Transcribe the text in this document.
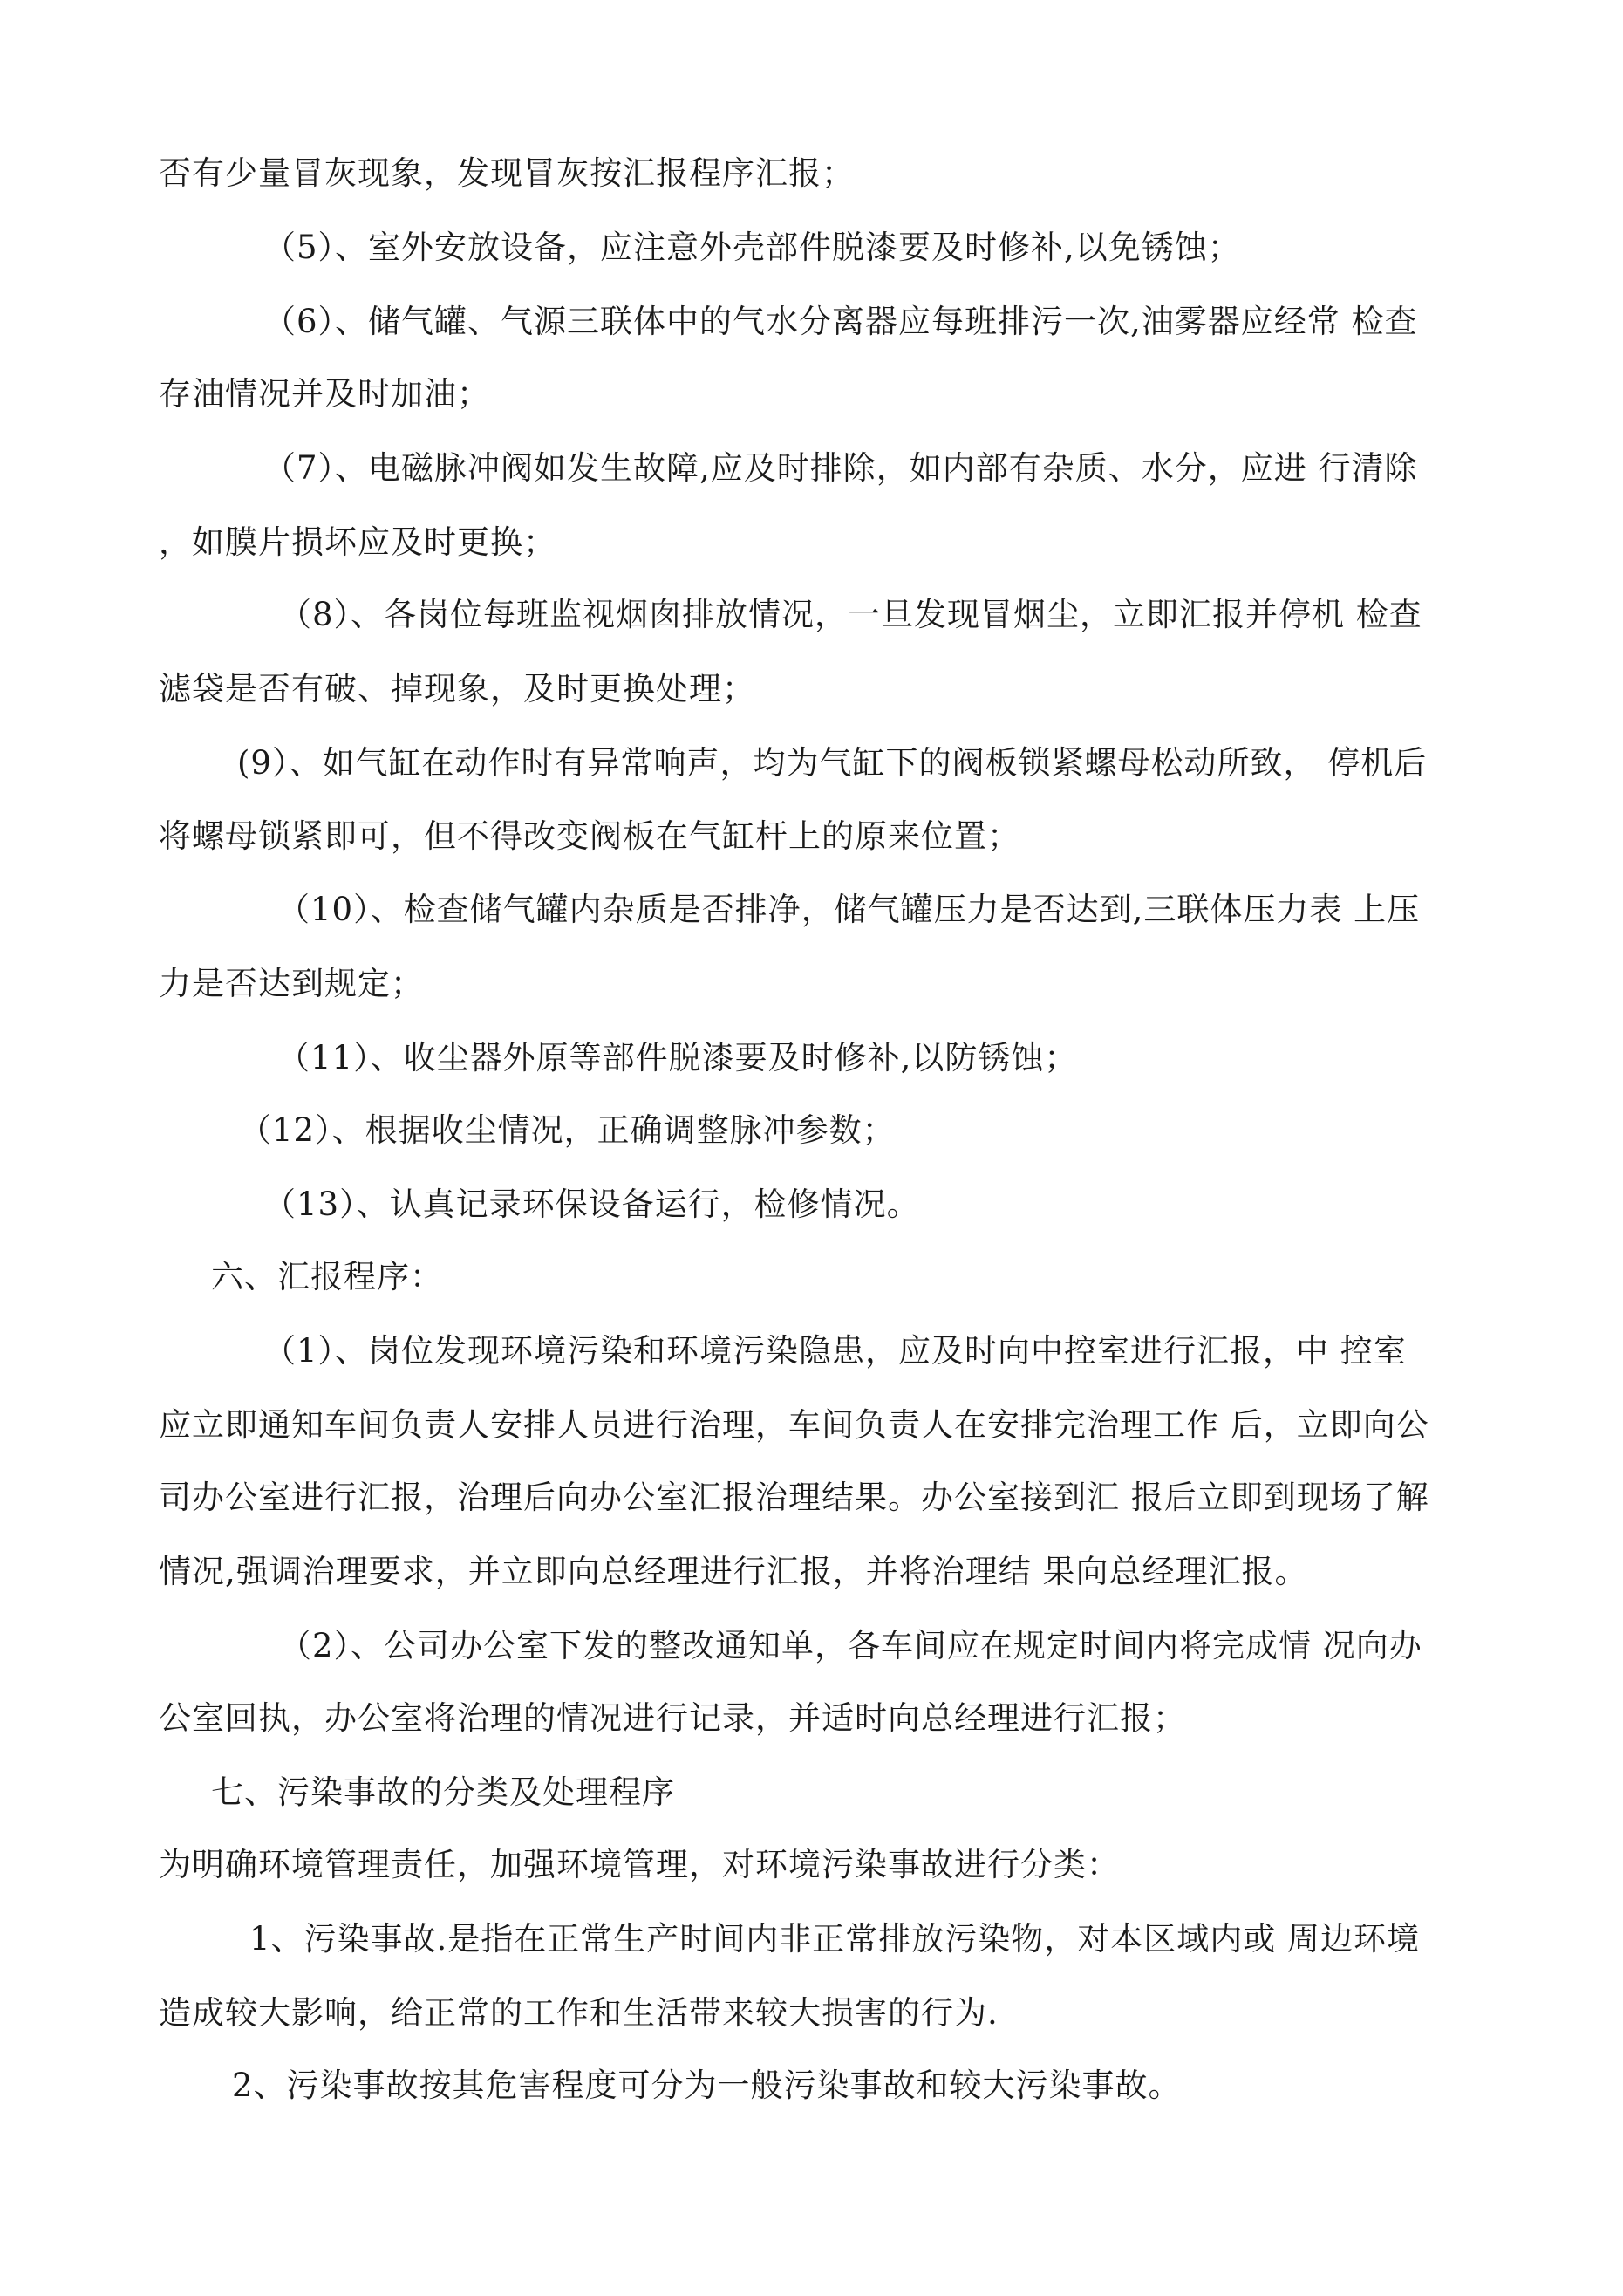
否有少量冒灰现象，发现冒灰按汇报程序汇报；
（5）、室外安放设备，应注意外壳部件脱漆要及时修补,以免锈蚀；
（6）、储气罐、气源三联体中的气水分离器应每班排污一次,油雾器应经常 检查
存油情况并及时加油；
（7）、电磁脉冲阀如发生故障,应及时排除，如内部有杂质、水分，应进 行清除
，如膜片损坏应及时更换；
（8）、各岗位每班监视烟囱排放情况，一旦发现冒烟尘，立即汇报并停机 检查
滤袋是否有破、掉现象，及时更换处理；
(9）、如气缸在动作时有异常响声，均为气缸下的阀板锁紧螺母松动所致， 停机后
将螺母锁紧即可，但不得改变阀板在气缸杆上的原来位置；
（10）、检查储气罐内杂质是否排净，储气罐压力是否达到,三联体压力表 上压
力是否达到规定；
（11）、收尘器外原等部件脱漆要及时修补,以防锈蚀；
（12）、根据收尘情况，正确调整脉冲参数；
（13）、认真记录环保设备运行，检修情况。
六、汇报程序：
（1）、岗位发现环境污染和环境污染隐患，应及时向中控室进行汇报，中 控室
应立即通知车间负责人安排人员进行治理，车间负责人在安排完治理工作 后，立即向公
司办公室进行汇报，治理后向办公室汇报治理结果。办公室接到汇 报后立即到现场了解
情况,强调治理要求，并立即向总经理进行汇报，并将治理结 果向总经理汇报。
（2）、公司办公室下发的整改通知单，各车间应在规定时间内将完成情 况向办
公室回执，办公室将治理的情况进行记录，并适时向总经理进行汇报；
七、污染事故的分类及处理程序
为明确环境管理责任，加强环境管理，对环境污染事故进行分类：
1、污染事故.是指在正常生产时间内非正常排放污染物，对本区域内或 周边环境
造成较大影响，给正常的工作和生活带来较大损害的行为.
2、污染事故按其危害程度可分为一般污染事故和较大污染事故。
